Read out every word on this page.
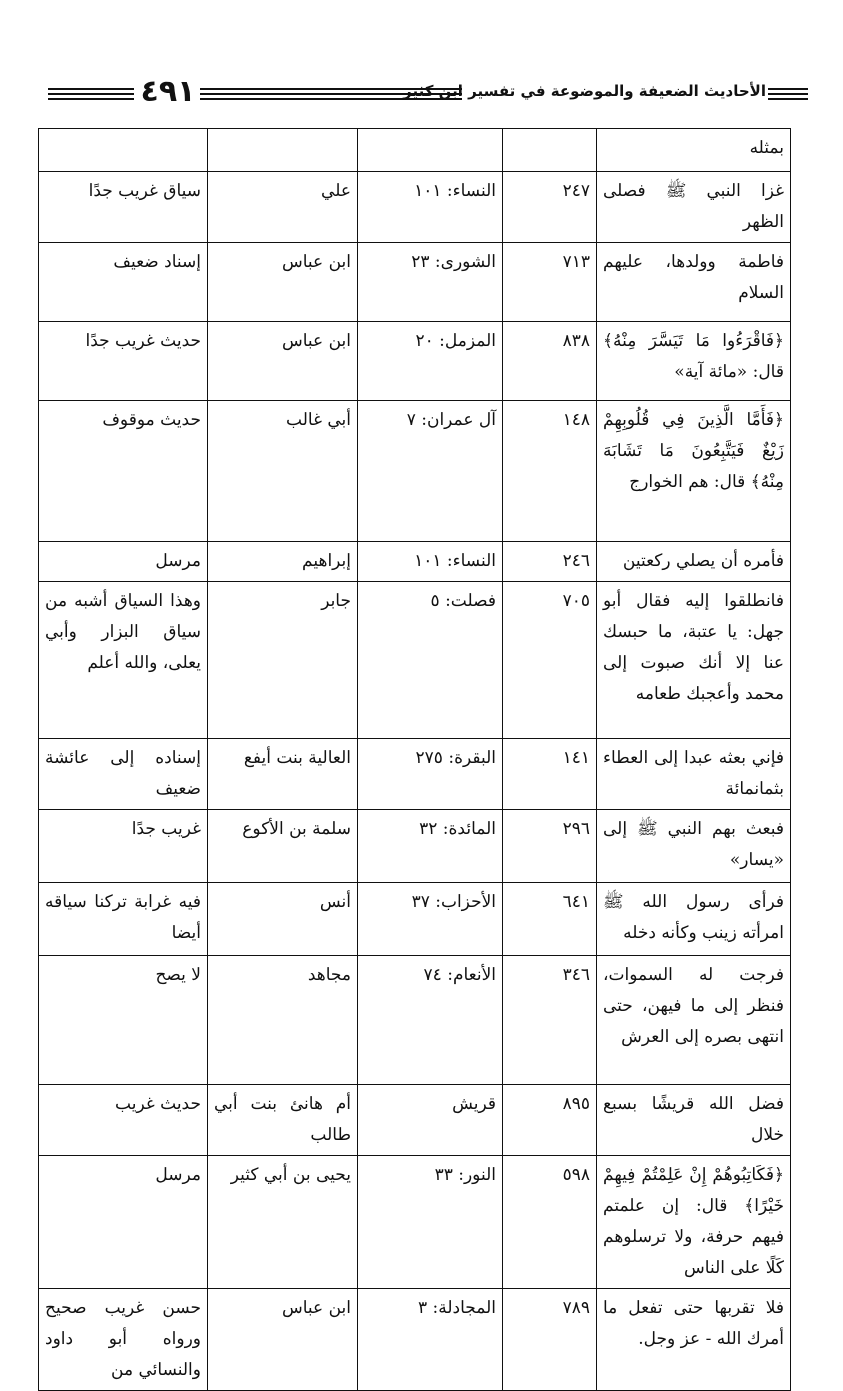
٤٩١	الأحاديث الضعيفة والموضوعة في تفسير ابن كثير
بمثله				
غزا النبي ﷺ فصلى الظهر	٢٤٧	النساء: ١٠١	علي	سياق غريب جدًا
فاطمة وولدها، عليهم السلام	٧١٣	الشورى: ٢٣	ابن عباس	إسناد ضعيف
﴿فَاقْرَءُوا مَا تَيَسَّرَ مِنْهُ﴾ قال: «مائة آية»	٨٣٨	المزمل: ٢٠	ابن عباس	حديث غريب جدًا
﴿فَأَمَّا الَّذِينَ فِي قُلُوبِهِمْ زَيْغٌ فَيَتَّبِعُونَ مَا تَشَابَهَ مِنْهُ﴾ قال: هم الخوارج	١٤٨	آل عمران: ٧	أبي غالب	حديث موقوف
فأمره أن يصلي ركعتين	٢٤٦	النساء: ١٠١	إبراهيم	مرسل
فانطلقوا إليه فقال أبو جهل: يا عتبة، ما حبسك عنا إلا أنك صبوت إلى محمد وأعجبك طعامه	٧٠٥	فصلت: ٥	جابر	وهذا السياق أشبه من سياق البزار وأبي يعلى، والله أعلم
فإني بعثه عبدا إلى العطاء بثمانمائة	١٤١	البقرة: ٢٧٥	العالية بنت أيفع	إسناده إلى عائشة ضعيف
فبعث بهم النبي ﷺ إلى «يسار»	٢٩٦	المائدة: ٣٢	سلمة بن الأكوع	غريب جدًا
فرأى رسول الله ﷺ امرأته زينب وكأنه دخله	٦٤١	الأحزاب: ٣٧	أنس	فيه غرابة تركنا سياقه أيضا
فرجت له السموات، فنظر إلى ما فيهن، حتى انتهى بصره إلى العرش	٣٤٦	الأنعام: ٧٤	مجاهد	لا يصح
فضل الله قريشًا بسبع خلال	٨٩٥	قريش	أم هانئ بنت أبي طالب	حديث غريب
﴿فَكَاتِبُوهُمْ إِنْ عَلِمْتُمْ فِيهِمْ خَيْرًا﴾ قال: إن علمتم فيهم حرفة، ولا ترسلوهم كَلًا على الناس	٥٩٨	النور: ٣٣	يحيى بن أبي كثير	مرسل
فلا تقربها حتى تفعل ما أمرك الله - عز وجل.	٧٨٩	المجادلة: ٣	ابن عباس	حسن غريب صحيح ورواه أبو داود والنسائي من
